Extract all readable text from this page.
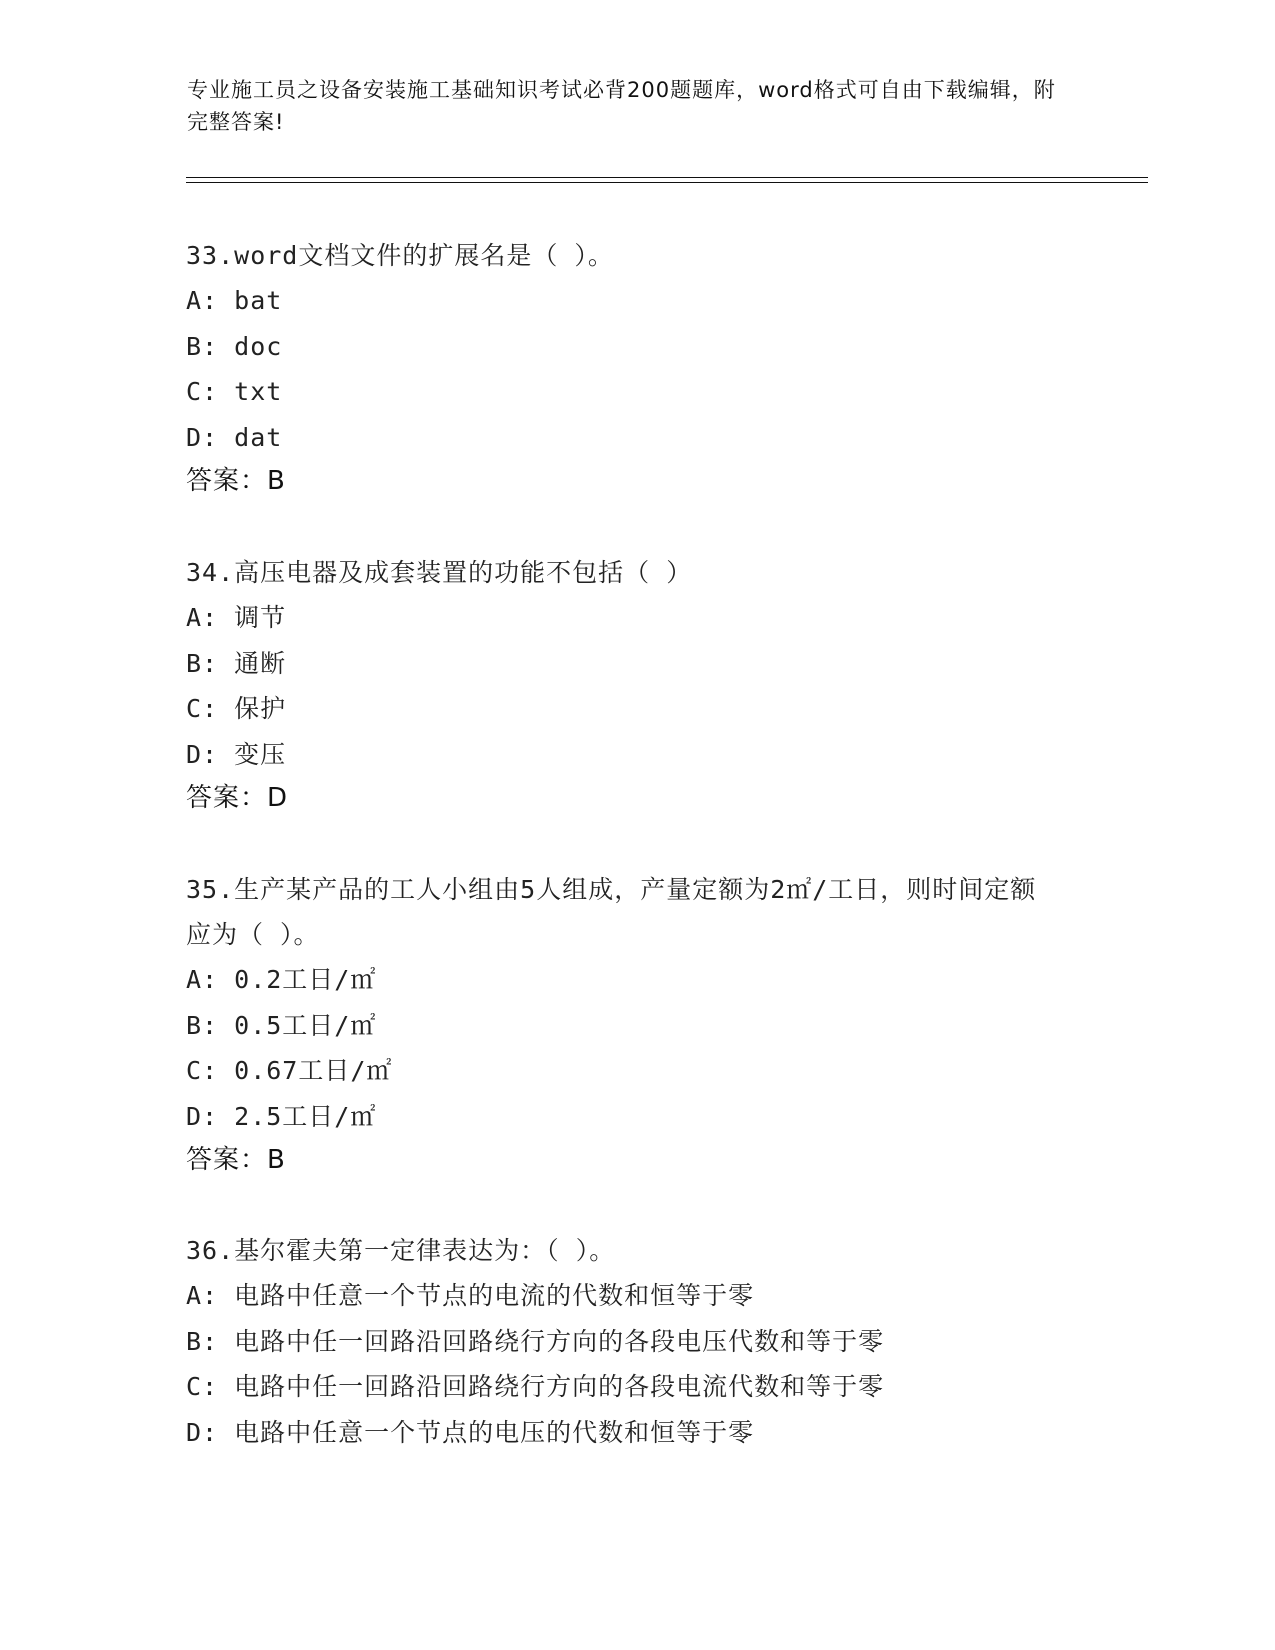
专业施工员之设备安装施工基础知识考试必背200题题库，word格式可自由下载编辑，附完整答案!
33.word文档文件的扩展名是（ ）。
A: bat
B: doc
C: txt
D: dat
答案：B
34.高压电器及成套装置的功能不包括（ ）
A: 调节
B: 通断
C: 保护
D: 变压
答案：D
35.生产某产品的工人小组由5人组成，产量定额为2㎡/工日，则时间定额应为（ ）。
A: 0.2工日/㎡
B: 0.5工日/㎡
C: 0.67工日/㎡
D: 2.5工日/㎡
答案：B
36.基尔霍夫第一定律表达为：（ ）。
A: 电路中任意一个节点的电流的代数和恒等于零
B: 电路中任一回路沿回路绕行方向的各段电压代数和等于零
C: 电路中任一回路沿回路绕行方向的各段电流代数和等于零
D: 电路中任意一个节点的电压的代数和恒等于零
